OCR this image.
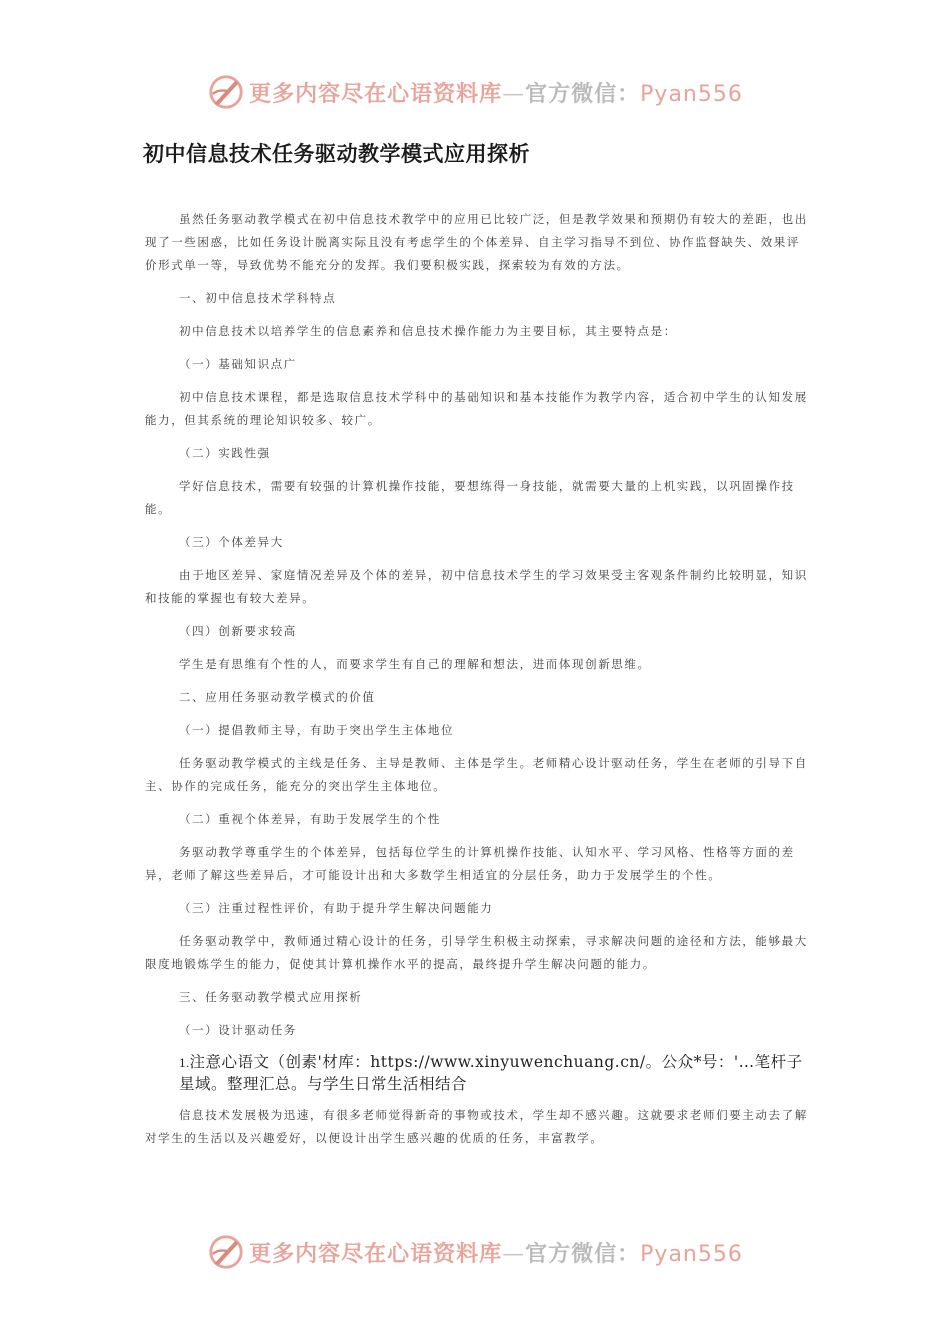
更多内容尽在心语资料库—官方微信：Pyan556
初中信息技术任务驱动教学模式应用探析

虽然任务驱动教学模式在初中信息技术教学中的应用已比较广泛，但是教学效果和预期仍有较大的差距，也出现了一些困惑，比如任务设计脱离实际且没有考虑学生的个体差异、自主学习指导不到位、协作监督缺失、效果评价形式单一等，导致优势不能充分的发挥。我们要积极实践，探索较为有效的方法。

一、初中信息技术学科特点

初中信息技术以培养学生的信息素养和信息技术操作能力为主要目标，其主要特点是：

（一）基础知识点广

初中信息技术课程，都是选取信息技术学科中的基础知识和基本技能作为教学内容，适合初中学生的认知发展能力，但其系统的理论知识较多、较广。

（二）实践性强

学好信息技术，需要有较强的计算机操作技能，要想练得一身技能，就需要大量的上机实践，以巩固操作技能。

（三）个体差异大

由于地区差异、家庭情况差异及个体的差异，初中信息技术学生的学习效果受主客观条件制约比较明显，知识和技能的掌握也有较大差异。

（四）创新要求较高

学生是有思维有个性的人，而要求学生有自己的理解和想法，进而体现创新思维。

二、应用任务驱动教学模式的价值

（一）提倡教师主导，有助于突出学生主体地位

任务驱动教学模式的主线是任务、主导是教师、主体是学生。老师精心设计驱动任务，学生在老师的引导下自主、协作的完成任务，能充分的突出学生主体地位。

（二）重视个体差异，有助于发展学生的个性

务驱动教学尊重学生的个体差异，包括每位学生的计算机操作技能、认知水平、学习风格、性格等方面的差异，老师了解这些差异后，才可能设计出和大多数学生相适宜的分层任务，助力于发展学生的个性。

（三）注重过程性评价，有助于提升学生解决问题能力

任务驱动教学中，教师通过精心设计的任务，引导学生积极主动探索，寻求解决问题的途径和方法，能够最大限度地锻炼学生的能力，促使其计算机操作水平的提高，最终提升学生解决问题的能力。

三、任务驱动教学模式应用探析

（一）设计驱动任务

1.注意心语文（创素'材库：https://www.xinyuwenchuang.cn/。公众*号：'…笔杆子星域。整理汇总。与学生日常生活相结合

信息技术发展极为迅速，有很多老师觉得新奇的事物或技术，学生却不感兴趣。这就要求老师们要主动去了解对学生的生活以及兴趣爱好，以便设计出学生感兴趣的优质的任务，丰富教学。

更多内容尽在心语资料库—官方微信：Pyan556
